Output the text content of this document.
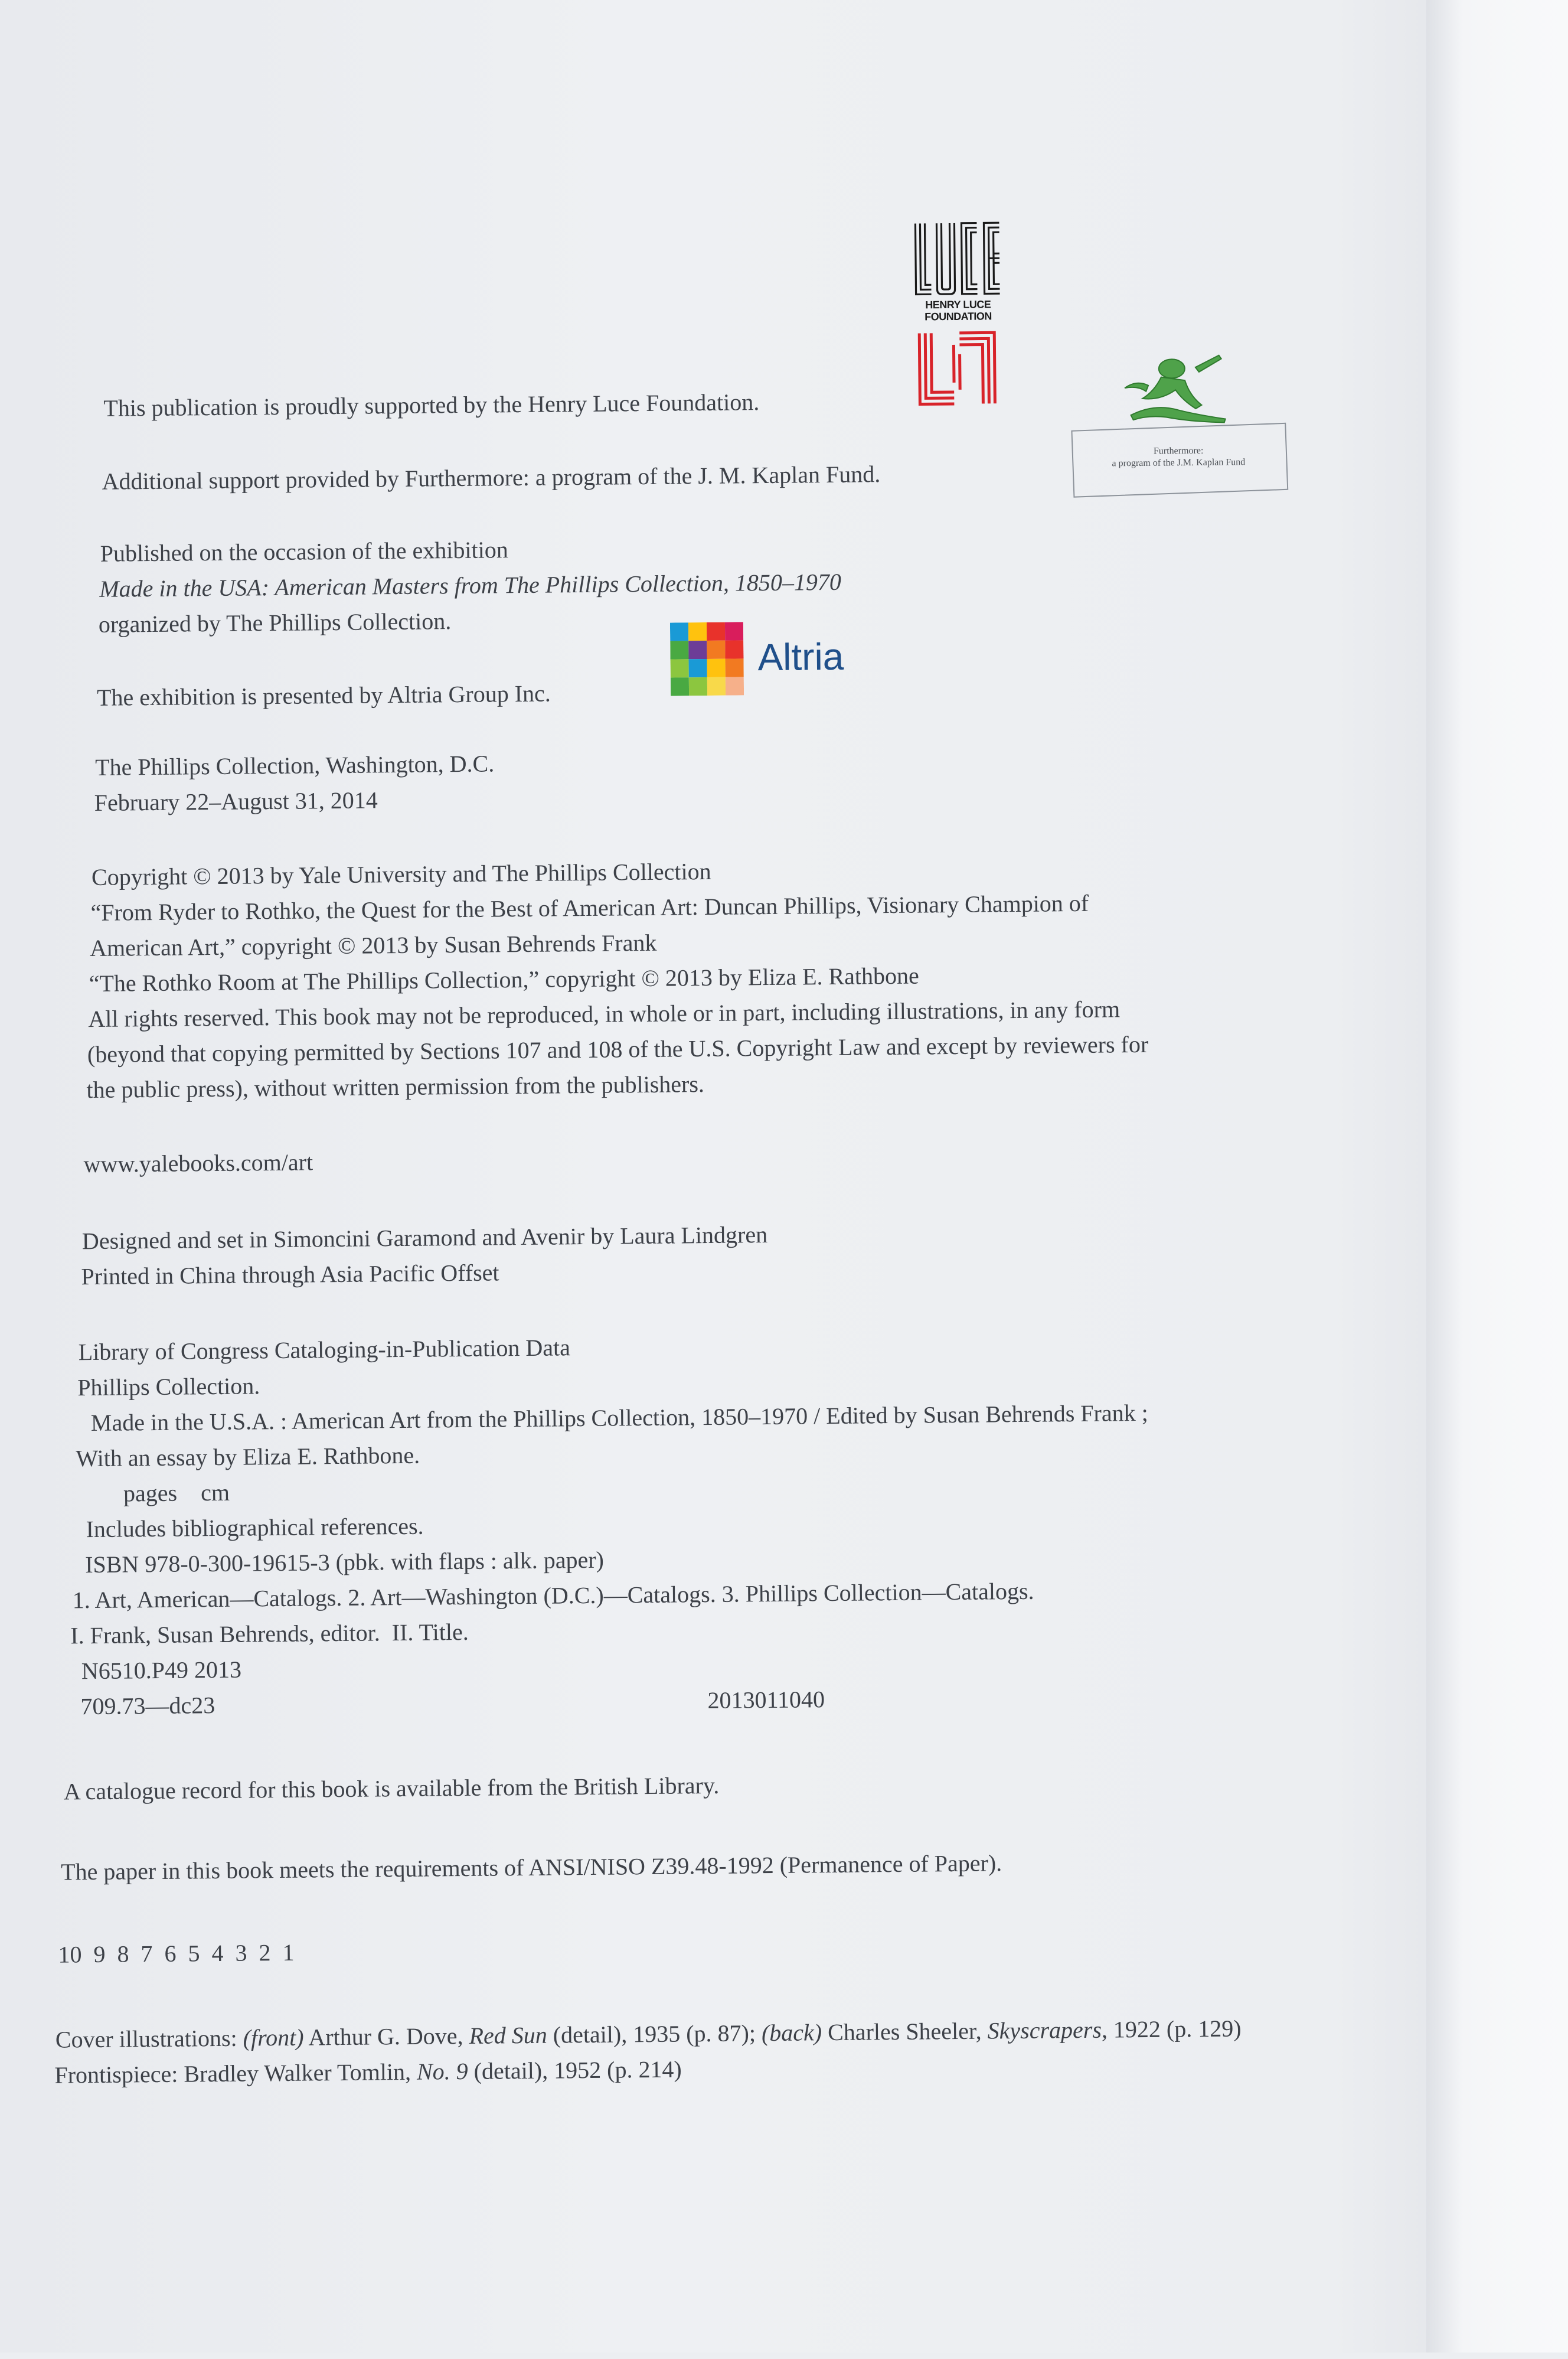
HENRY LUCE
FOUNDATION
Furthermore:
a program of the J.M. Kaplan Fund
Altria
This publication is proudly supported by the Henry Luce Foundation.
Additional support provided by Furthermore: a program of the J. M. Kaplan Fund.
Published on the occasion of the exhibition
Made in the USA: American Masters from The Phillips Collection, 1850–1970
organized by The Phillips Collection.
The exhibition is presented by Altria Group Inc.
The Phillips Collection, Washington, D.C.
February 22–August 31, 2014
Copyright © 2013 by Yale University and The Phillips Collection
“From Ryder to Rothko, the Quest for the Best of American Art: Duncan Phillips, Visionary Champion of
American Art,” copyright © 2013 by Susan Behrends Frank
“The Rothko Room at The Phillips Collection,” copyright © 2013 by Eliza E. Rathbone
All rights reserved. This book may not be reproduced, in whole or in part, including illustrations, in any form
(beyond that copying permitted by Sections 107 and 108 of the U.S. Copyright Law and except by reviewers for
the public press), without written permission from the publishers.
www.yalebooks.com/art
Designed and set in Simoncini Garamond and Avenir by Laura Lindgren
Printed in China through Asia Pacific Offset
Library of Congress Cataloging-in-Publication Data
Phillips Collection.
Made in the U.S.A. : American Art from the Phillips Collection, 1850–1970 / Edited by Susan Behrends Frank ;
With an essay by Eliza E. Rathbone.
pages    cm
Includes bibliographical references.
ISBN 978-0-300-19615-3 (pbk. with flaps : alk. paper)
1. Art, American—Catalogs. 2. Art—Washington (D.C.)—Catalogs. 3. Phillips Collection—Catalogs.
I. Frank, Susan Behrends, editor.  II. Title.
N6510.P49 2013
709.73—dc23	2013011040
A catalogue record for this book is available from the British Library.
The paper in this book meets the requirements of ANSI/NISO Z39.48-1992 (Permanence of Paper).
10  9  8  7  6  5  4  3  2  1
Cover illustrations: (front) Arthur G. Dove, Red Sun (detail), 1935 (p. 87); (back) Charles Sheeler, Skyscrapers, 1922 (p. 129)
Frontispiece: Bradley Walker Tomlin, No. 9 (detail), 1952 (p. 214)
